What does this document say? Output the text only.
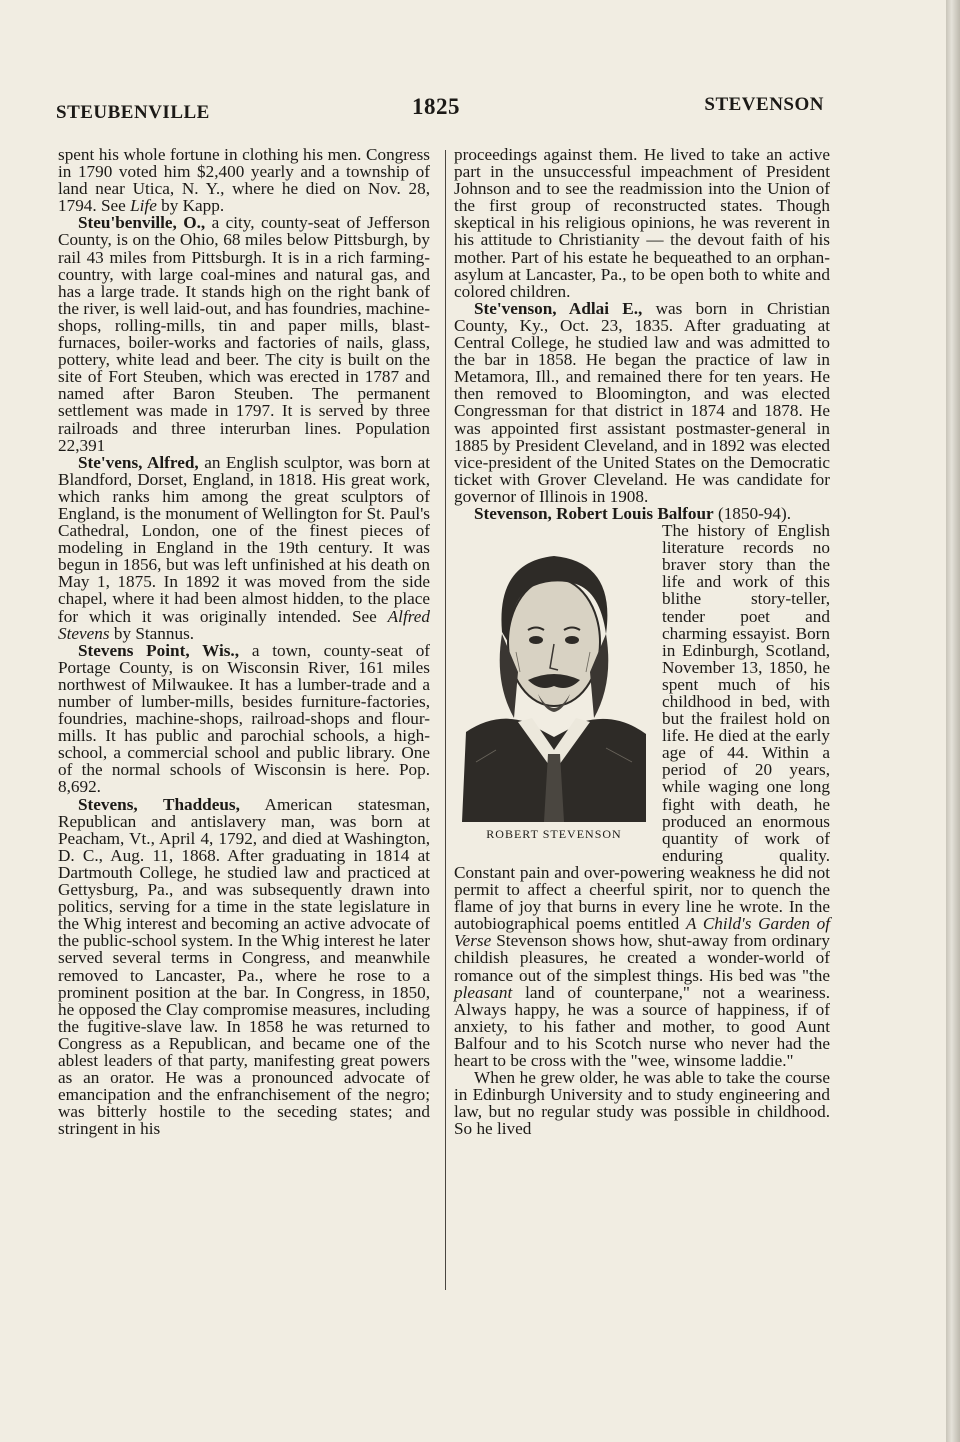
STEUBENVILLE	1825	STEVENSON

spent his whole fortune in clothing his men. Congress in 1790 voted him $2,400 yearly and a township of land near Utica, N. Y., where he died on Nov. 28, 1794. See Life by Kapp.

Steu'benville, O., a city, county-seat of Jefferson County, is on the Ohio, 68 miles below Pittsburgh, by rail 43 miles from Pittsburgh. It is in a rich farming-country, with large coal-mines and natural gas, and has a large trade. It stands high on the right bank of the river, is well laid-out, and has foundries, machine-shops, rolling-mills, tin and paper mills, blast-furnaces, boiler-works and factories of nails, glass, pottery, white lead and beer. The city is built on the site of Fort Steuben, which was erected in 1787 and named after Baron Steuben. The permanent settlement was made in 1797. It is served by three railroads and three interurban lines. Population 22,391

Ste'vens, Alfred, an English sculptor, was born at Blandford, Dorset, England, in 1818. His great work, which ranks him among the great sculptors of England, is the monument of Wellington for St. Paul's Cathedral, London, one of the finest pieces of modeling in England in the 19th century. It was begun in 1856, but was left unfinished at his death on May 1, 1875. In 1892 it was moved from the side chapel, where it had been almost hidden, to the place for which it was originally intended. See Alfred Stevens by Stannus.

Stevens Point, Wis., a town, county-seat of Portage County, is on Wisconsin River, 161 miles northwest of Milwaukee. It has a lumber-trade and a number of lumber-mills, besides furniture-factories, foundries, machine-shops, railroad-shops and flour-mills. It has public and parochial schools, a high-school, a commercial school and public library. One of the normal schools of Wisconsin is here. Pop. 8,692.

Stevens, Thaddeus, American statesman, Republican and antislavery man, was born at Peacham, Vt., April 4, 1792, and died at Washington, D. C., Aug. 11, 1868. After graduating in 1814 at Dartmouth College, he studied law and practiced at Gettysburg, Pa., and was subsequently drawn into politics, serving for a time in the state legislature in the Whig interest and becoming an active advocate of the public-school system. In the Whig interest he later served several terms in Congress, and meanwhile removed to Lancaster, Pa., where he rose to a prominent position at the bar. In Congress, in 1850, he opposed the Clay compromise measures, including the fugitive-slave law. In 1858 he was returned to Congress as a Republican, and became one of the ablest leaders of that party, manifesting great powers as an orator. He was a pronounced advocate of emancipation and the enfranchisement of the negro; was bitterly hostile to the seceding states; and stringent in his

proceedings against them. He lived to take an active part in the unsuccessful impeachment of President Johnson and to see the readmission into the Union of the first group of reconstructed states. Though skeptical in his religious opinions, he was reverent in his attitude to Christianity — the devout faith of his mother. Part of his estate he bequeathed to an orphan-asylum at Lancaster, Pa., to be open both to white and colored children.

Ste'venson, Adlai E., was born in Christian County, Ky., Oct. 23, 1835. After graduating at Central College, he studied law and was admitted to the bar in 1858. He began the practice of law in Metamora, Ill., and remained there for ten years. He then removed to Bloomington, and was elected Congressman for that district in 1874 and 1878. He was appointed first assistant postmaster-general in 1885 by President Cleveland, and in 1892 was elected vice-president of the United States on the Democratic ticket with Grover Cleveland. He was candidate for governor of Illinois in 1908.

Stevenson, Robert Louis Balfour (1850-94).

ROBERT STEVENSON

The history of English literature records no braver story than the life and work of this blithe story-teller, tender poet and charming essayist. Born in Edinburgh, Scotland, November 13, 1850, he spent much of his childhood in bed, with but the frailest hold on life. He died at the early age of 44. Within a period of 20 years, while waging one long fight with death, he produced an enormous quantity of work of enduring quality. Constant pain and over-powering weakness he did not permit to affect a cheerful spirit, nor to quench the flame of joy that burns in every line he wrote. In the autobiographical poems entitled A Child's Garden of Verse Stevenson shows how, shut-away from ordinary childish pleasures, he created a wonder-world of romance out of the simplest things. His bed was "the pleasant land of counterpane," not a weariness. Always happy, he was a source of happiness, if of anxiety, to his father and mother, to good Aunt Balfour and to his Scotch nurse who never had the heart to be cross with the "wee, winsome laddie."

When he grew older, he was able to take the course in Edinburgh University and to study engineering and law, but no regular study was possible in childhood. So he lived
